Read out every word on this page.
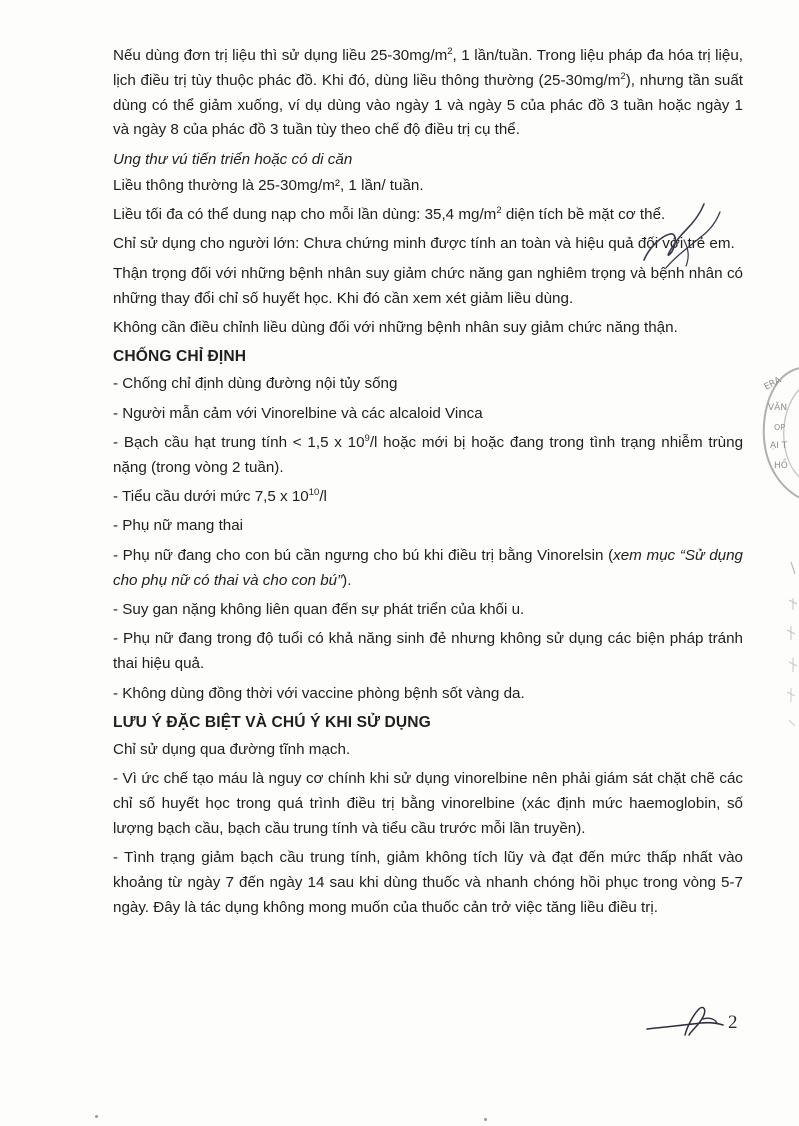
Nếu dùng đơn trị liệu thì sử dụng liều $25-30mg/m^2$, 1 lần/tuần. Trong liệu pháp đa hóa trị liệu, lịch điều trị tùy thuộc phác đồ. Khi đó, dùng liều thông thường $(25-30mg/m^2)$, nhưng tần suất dùng có thể giảm xuống, ví dụ dùng vào ngày 1 và ngày 5 của phác đồ 3 tuần hoặc ngày 1 và ngày 8 của phác đồ 3 tuần tùy theo chế độ điều trị cụ thể.

Ung thư vú tiến triển hoặc có di căn

Liều thông thường là 25-30mg/m², 1 lần/ tuần.

Liều tối đa có thể dung nạp cho mỗi lần dùng: 35,4 $mg/m^2$ diện tích bề mặt cơ thể.

Chỉ sử dụng cho người lớn: Chưa chứng minh được tính an toàn và hiệu quả đối với trẻ em.

Thận trọng đối với những bệnh nhân suy giảm chức năng gan nghiêm trọng và bệnh nhân có những thay đổi chỉ số huyết học. Khi đó cần xem xét giảm liều dùng.

Không cần điều chỉnh liều dùng đối với những bệnh nhân suy giảm chức năng thận.

CHỐNG CHỈ ĐỊNH

- Chống chỉ định dùng đường nội tủy sống

- Người mẫn cảm với Vinorelbine và các alcaloid Vinca

- Bạch cầu hạt trung tính < 1,5 x $10^9/l$ hoặc mới bị hoặc đang trong tình trạng nhiễm trùng nặng (trong vòng 2 tuần).

- Tiểu cầu dưới mức 7,5 x $10^{10}/l$

- Phụ nữ mang thai

- Phụ nữ đang cho con bú cần ngưng cho bú khi điều trị bằng Vinorelsin (xem mục “Sử dụng cho phụ nữ có thai và cho con bú”).

- Suy gan nặng không liên quan đến sự phát triển của khối u.

- Phụ nữ đang trong độ tuổi có khả năng sinh đẻ nhưng không sử dụng các biện pháp tránh thai hiệu quả.

- Không dùng đồng thời với vaccine phòng bệnh sốt vàng da.

LƯU Ý ĐẶC BIỆT VÀ CHÚ Ý KHI SỬ DỤNG

Chỉ sử dụng qua đường tĩnh mạch.

- Vì ức chế tạo máu là nguy cơ chính khi sử dụng vinorelbine nên phải giám sát chặt chẽ các chỉ số huyết học trong quá trình điều trị bằng vinorelbine (xác định mức haemoglobin, số lượng bạch cầu, bạch cầu trung tính và tiểu cầu trước mỗi lần truyền).

- Tình trạng giảm bạch cầu trung tính, giảm không tích lũy và đạt đến mức thấp nhất vào khoảng từ ngày 7 đến ngày 14 sau khi dùng thuốc và nhanh chóng hồi phục trong vòng 5-7 ngày. Đây là tác dụng không mong muốn của thuốc cản trở việc tăng liều điều trị.

ERA
VĂN
OP
ẠI T
HỒ
2
